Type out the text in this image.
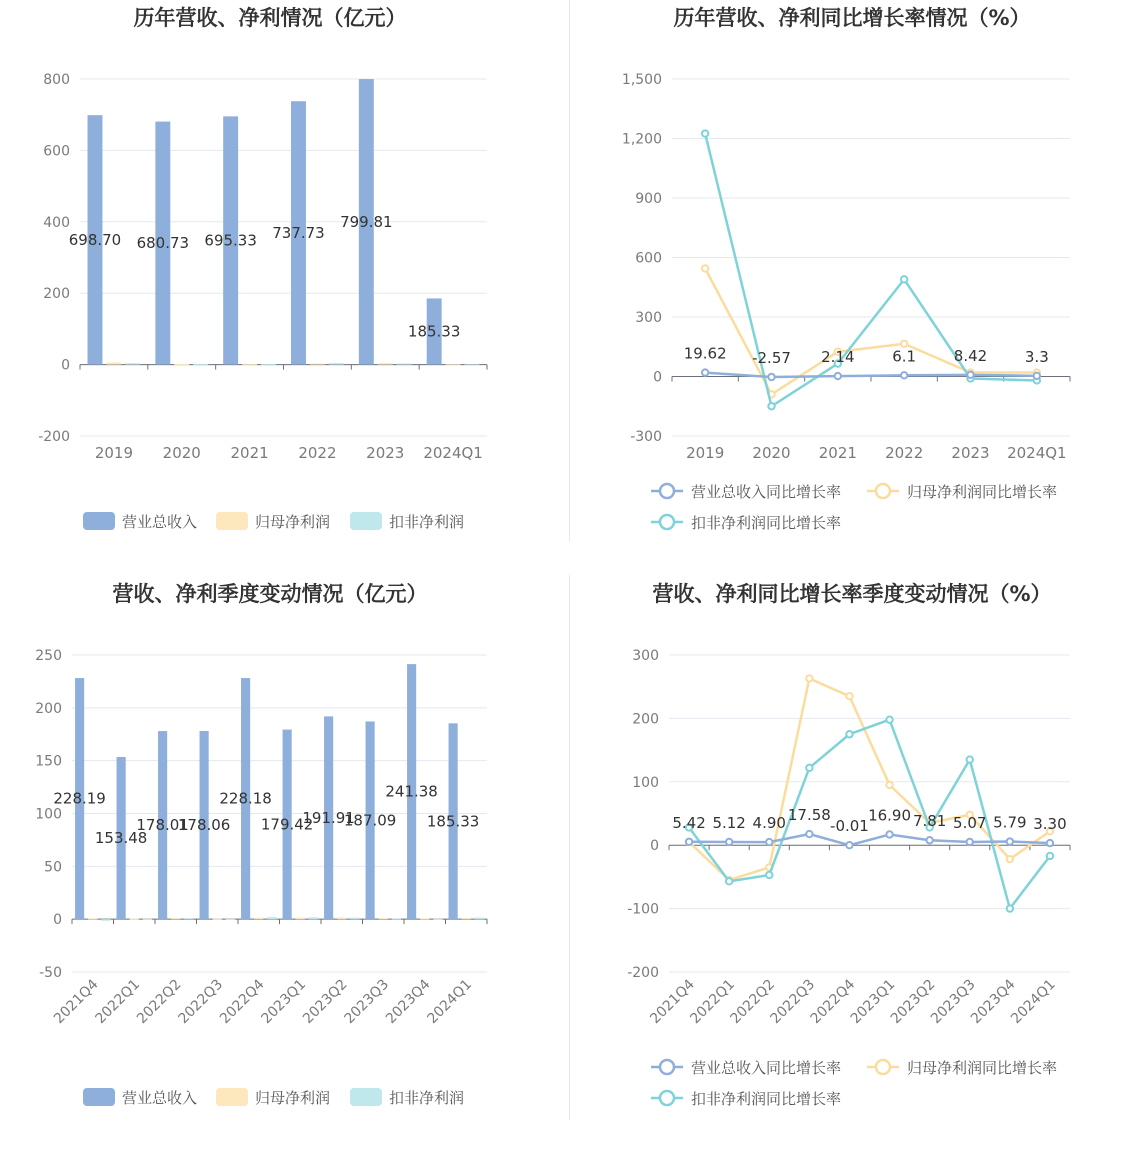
历年营收、净利情况（亿元）
-200
0
200
400
600
800
2019 2020 2021 2022 2023 2024Q1
698.70 680.73 695.33 737.73
799.81
185.33
营业总收入	归母净利润	扣非净利润
历年营收、净利同比增长率情况（%）
-300
0
300
600
900
1,200
1,500
2019 2020 2021 2022 2023 2024Q1
19.62 -2.57 2.14	6.1	8.42	3.3
营业总收入同比增长率	归母净利润同比增长率
扣非净利润同比增长率
营收、净利季度变动情况（亿元）
-50
0
50
100
150
200
250
2021Q4
2022Q1
2022Q2
2022Q3
2022Q4
2023Q1
2023Q2
2023Q3
2023Q4
2024Q1
228.19
153.48
178.01
178.06
228.18
179.42
191.91
187.09
241.38
185.33
营业总收入	归母净利润	扣非净利润
营收、净利同比增长率季度变动情况（%）
-200
-100
0
100
200
300
2021Q4
2022Q1
2022Q2
2022Q3
2022Q4
2023Q1
2023Q2
2023Q3
2023Q4
2024Q1
5.42 5.12 4.90 17.58
-0.01
16.90 7.81 5.07 5.79 3.30
营业总收入同比增长率	归母净利润同比增长率
扣非净利润同比增长率
